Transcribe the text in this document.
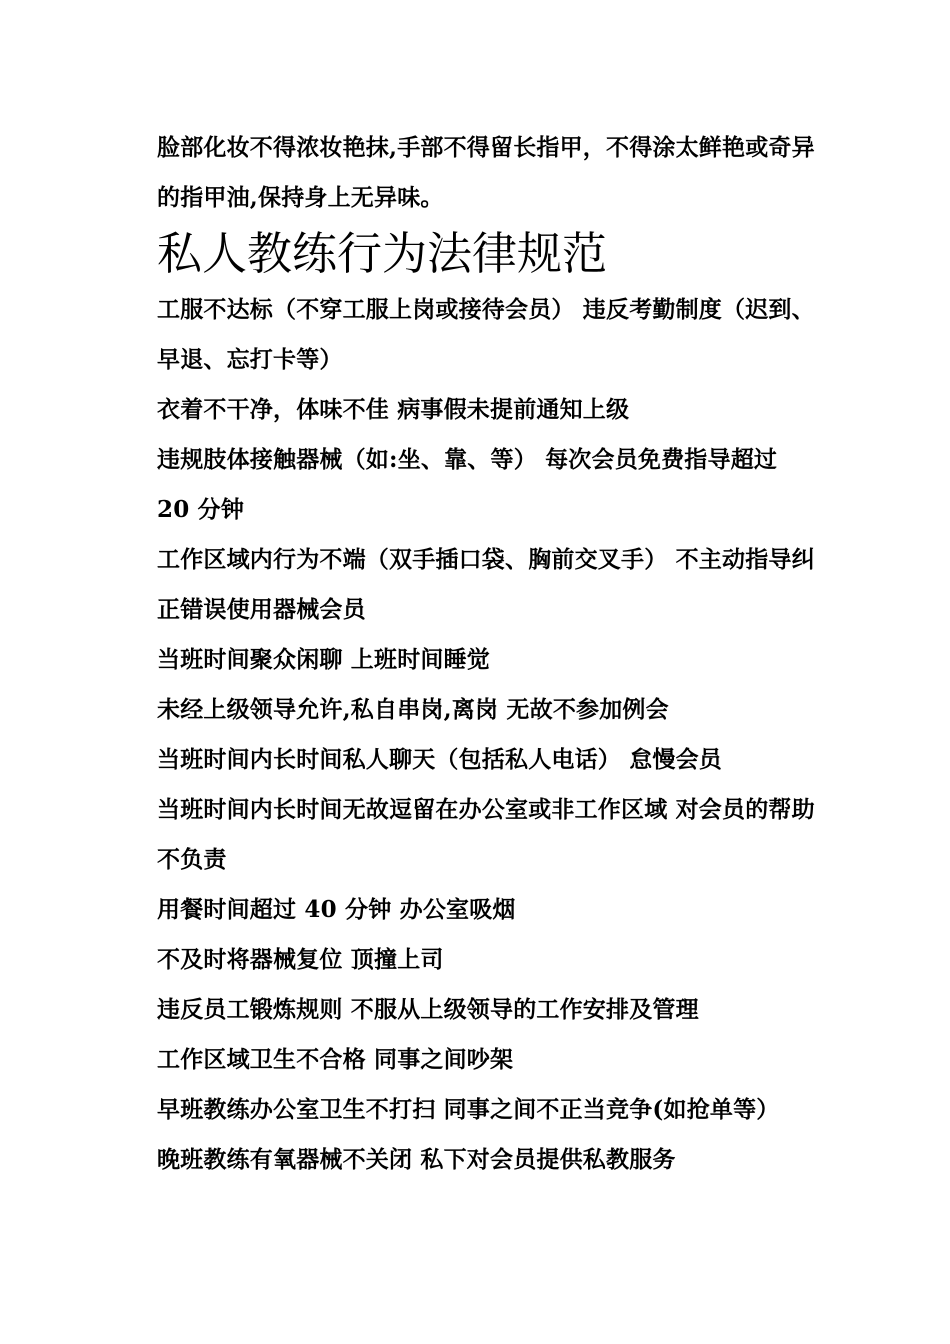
脸部化妆不得浓妆艳抹,手部不得留长指甲，不得涂太鲜艳或奇异的指甲油,保持身上无异味。

私人教练行为法律规范

工服不达标（不穿工服上岗或接待会员） 违反考勤制度（迟到、早退、忘打卡等）

衣着不干净，体味不佳 病事假未提前通知上级

违规肢体接触器械（如:坐、靠、等） 每次会员免费指导超过 20 分钟

工作区域内行为不端（双手插口袋、胸前交叉手） 不主动指导纠正错误使用器械会员

当班时间聚众闲聊 上班时间睡觉

未经上级领导允许,私自串岗,离岗 无故不参加例会

当班时间内长时间私人聊天（包括私人电话） 怠慢会员

当班时间内长时间无故逗留在办公室或非工作区域 对会员的帮助不负责

用餐时间超过 40 分钟 办公室吸烟

不及时将器械复位 顶撞上司

违反员工锻炼规则 不服从上级领导的工作安排及管理

工作区域卫生不合格 同事之间吵架

早班教练办公室卫生不打扫 同事之间不正当竞争(如抢单等）

晚班教练有氧器械不关闭 私下对会员提供私教服务
